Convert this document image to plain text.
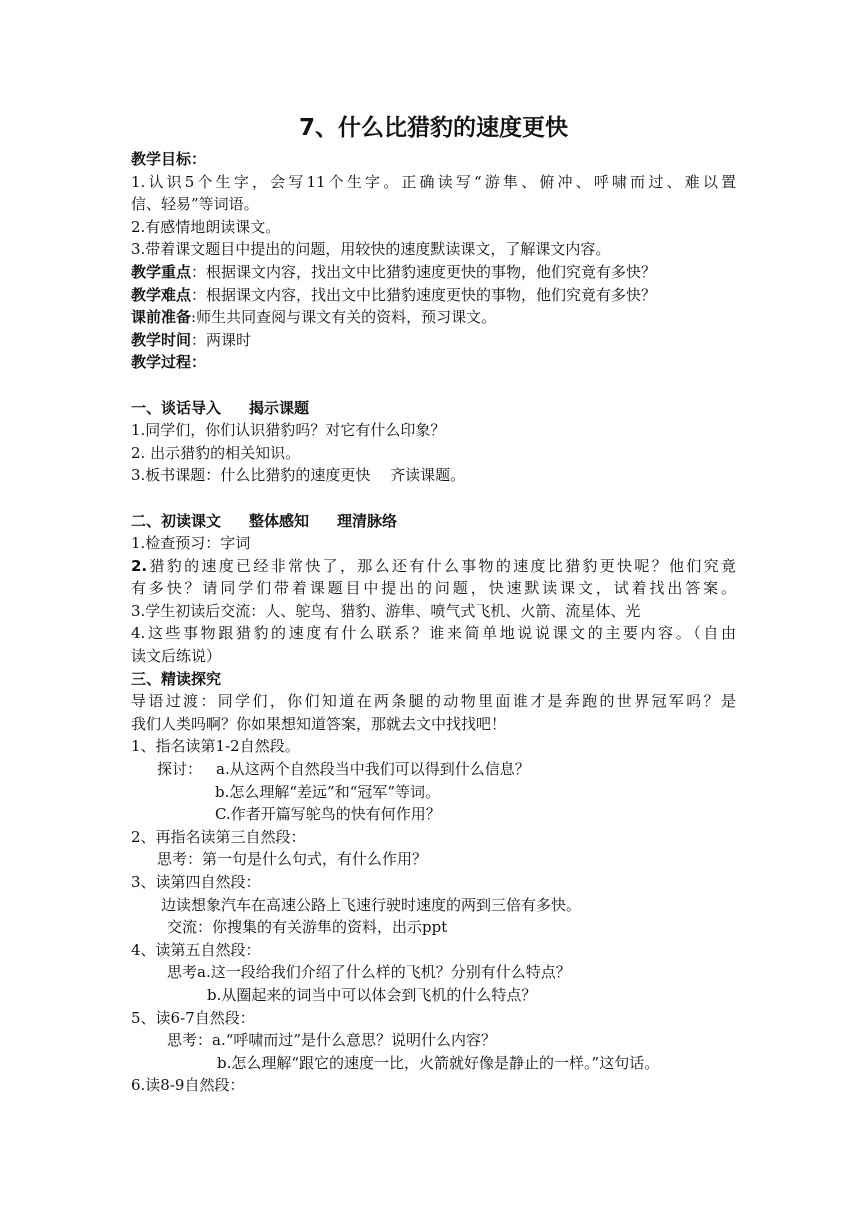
7、什么比猎豹的速度更快
教学目标：
1.认识5个生字，会写11个生字。正确读写“游隼、俯冲、呼啸而过、难以置
信、轻易”等词语。
2.有感情地朗读课文。
3.带着课文题目中提出的问题，用较快的速度默读课文，了解课文内容。
教学重点：根据课文内容，找出文中比猎豹速度更快的事物，他们究竟有多快？
教学难点：根据课文内容，找出文中比猎豹速度更快的事物，他们究竟有多快？
课前准备:师生共同查阅与课文有关的资料，预习课文。
教学时间：两课时
教学过程：
一、谈话导入 揭示课题
1.同学们，你们认识猎豹吗？对它有什么印象？
2. 出示猎豹的相关知识。
3.板书课题：什么比猎豹的速度更快　 齐读课题。
二、初读课文 整体感知 理清脉络
1.检查预习：字词
2.猎豹的速度已经非常快了，那么还有什么事物的速度比猎豹更快呢？他们究竟
有多快？请同学们带着课题目中提出的问题，快速默读课文，试着找出答案。
3.学生初读后交流：人、鸵鸟、猎豹、游隼、喷气式飞机、火箭、流星体、光
4.这些事物跟猎豹的速度有什么联系？谁来简单地说说课文的主要内容。（自由
读文后练说）
三、精读探究
导语过渡：同学们，你们知道在两条腿的动物里面谁才是奔跑的世界冠军吗？是
我们人类吗啊？你如果想知道答案，那就去文中找找吧！
1、指名读第1-2自然段。
探讨： a.从这两个自然段当中我们可以得到什么信息？
b.怎么理解“差远”和“冠军”等词。
C.作者开篇写鸵鸟的快有何作用？
2、再指名读第三自然段：
思考：第一句是什么句式，有什么作用？
3、读第四自然段：
边读想象汽车在高速公路上飞速行驶时速度的两到三倍有多快。
交流：你搜集的有关游隼的资料，出示ppt
4、读第五自然段：
思考a.这一段给我们介绍了什么样的飞机？分别有什么特点？
b.从圈起来的词当中可以体会到飞机的什么特点？
5、读6-7自然段：
思考：a.“呼啸而过”是什么意思？说明什么内容？
b.怎么理解“跟它的速度一比，火箭就好像是静止的一样。”这句话。
6.读8-9自然段：
